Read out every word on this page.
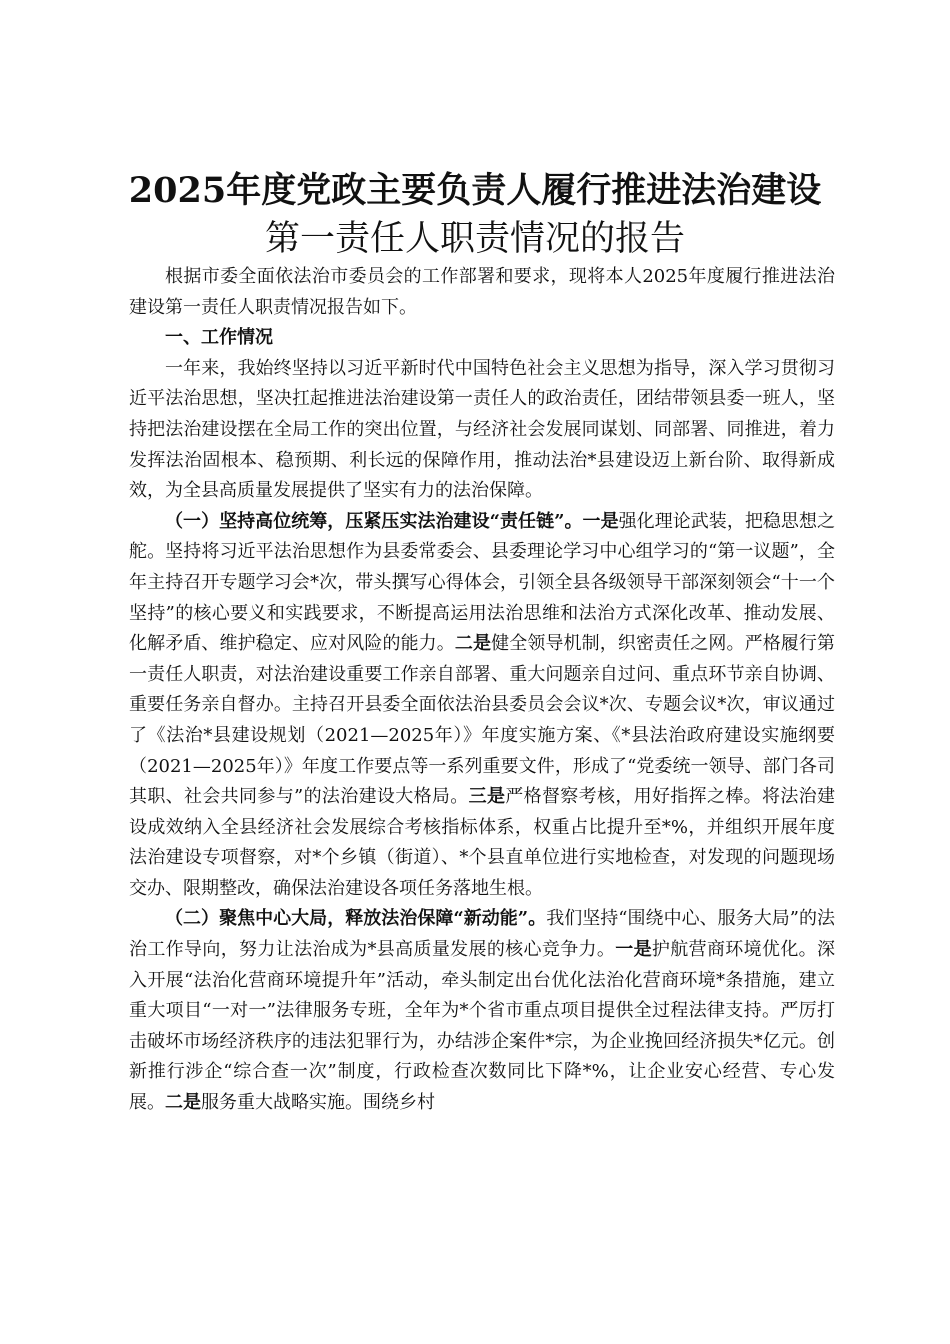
2025年度党政主要负责人履行推进法治建设
第一责任人职责情况的报告

根据市委全面依法治市委员会的工作部署和要求，现将本人2025年度履行推进法治建设第一责任人职责情况报告如下。

一、工作情况

一年来，我始终坚持以习近平新时代中国特色社会主义思想为指导，深入学习贯彻习近平法治思想，坚决扛起推进法治建设第一责任人的政治责任，团结带领县委一班人，坚持把法治建设摆在全局工作的突出位置，与经济社会发展同谋划、同部署、同推进，着力发挥法治固根本、稳预期、利长远的保障作用，推动法治*县建设迈上新台阶、取得新成效，为全县高质量发展提供了坚实有力的法治保障。

（一）坚持高位统筹，压紧压实法治建设“责任链”。一是强化理论武装，把稳思想之舵。坚持将习近平法治思想作为县委常委会、县委理论学习中心组学习的“第一议题”，全年主持召开专题学习会*次，带头撰写心得体会，引领全县各级领导干部深刻领会“十一个坚持”的核心要义和实践要求，不断提高运用法治思维和法治方式深化改革、推动发展、化解矛盾、维护稳定、应对风险的能力。二是健全领导机制，织密责任之网。严格履行第一责任人职责，对法治建设重要工作亲自部署、重大问题亲自过问、重点环节亲自协调、重要任务亲自督办。主持召开县委全面依法治县委员会会议*次、专题会议*次，审议通过了《法治*县建设规划（2021—2025年）》年度实施方案、《*县法治政府建设实施纲要（2021—2025年）》年度工作要点等一系列重要文件，形成了“党委统一领导、部门各司其职、社会共同参与”的法治建设大格局。三是严格督察考核，用好指挥之棒。将法治建设成效纳入全县经济社会发展综合考核指标体系，权重占比提升至*%，并组织开展年度法治建设专项督察，对*个乡镇（街道）、*个县直单位进行实地检查，对发现的问题现场交办、限期整改，确保法治建设各项任务落地生根。

（二）聚焦中心大局，释放法治保障“新动能”。我们坚持“围绕中心、服务大局”的法治工作导向，努力让法治成为*县高质量发展的核心竞争力。一是护航营商环境优化。深入开展“法治化营商环境提升年”活动，牵头制定出台优化法治化营商环境*条措施，建立重大项目“一对一”法律服务专班，全年为*个省市重点项目提供全过程法律支持。严厉打击破坏市场经济秩序的违法犯罪行为，办结涉企案件*宗，为企业挽回经济损失*亿元。创新推行涉企“综合查一次”制度，行政检查次数同比下降*%，让企业安心经营、专心发展。二是服务重大战略实施。围绕乡村
